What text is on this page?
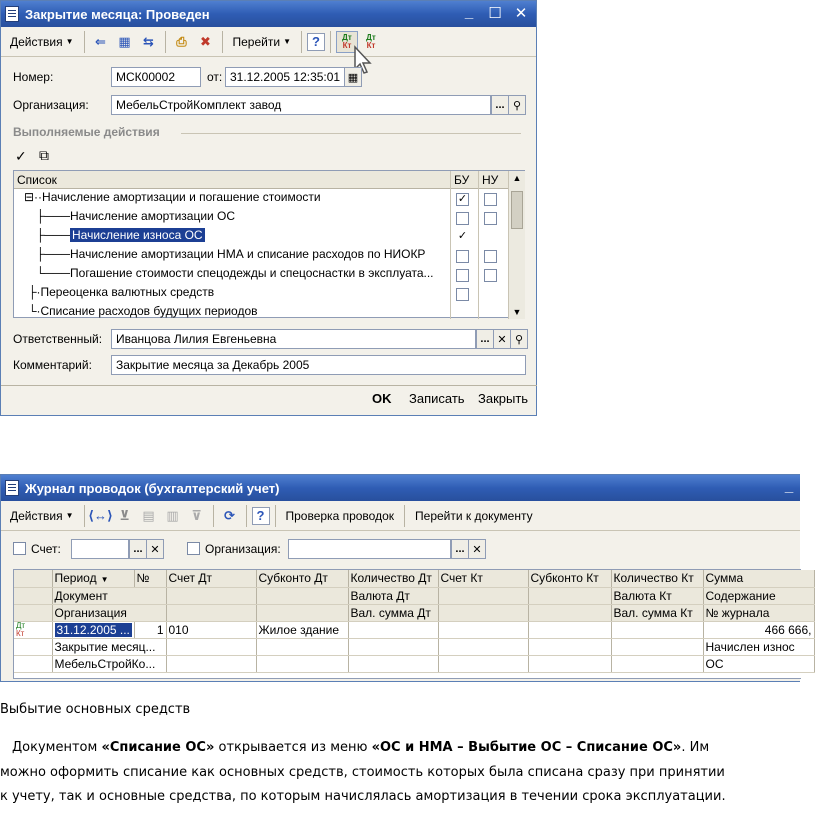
Закрытие месяца: Проведен	_	☐ ✕
Действия ▼	⇐ ▦ ⇆	⎙	✖	Перейти ▼	?	Дт

Кт
Дт

Кт
Номер:	МСК00002	от: 31.12.2005 12:35:01 ▦
Организация:	МебельСтройКомплект завод	... ⚲
Выполняемые действия
✓ ⧉
Список	БУ НУ	▲
▼
⊟··Начисление амортизации и погашение стоимости	✓
├───Начисление амортизации ОС
├─── Начисление износа ОС	✓
├───Начисление амортизации НМА и списание расходов по НИОКР
└───Погашение стоимости спецодежды и спецоснастки в эксплуата...
├·Переоценка валютных средств
└·Списание расходов будущих периодов
Ответственный:	Иванцова Лилия Евгеньевна	... ✕ ⚲
Комментарий:	Закрытие месяца за Декабрь 2005
OK Записать Закрыть
Журнал проводок (бухгалтерский учет)	_
Действия ▼ ⟨↔⟩ ⊻ ▤ ▥ ⊽	⟳	?	Проверка проводок	Перейти к документу
Счет:	... ✕	Организация:	... ✕
	Период ▼	№	Счет Дт	Субконто Дт	Количество Дт	Счет Кт	Субконто Кт	Количество Кт	Сумма
	Документ				Валюта Дт			Валюта Кт	Содержание
	Организация				Вал. сумма Дт			Вал. сумма Кт	№ журнала
Дт
Кт	31.12.2005 ...	1	010	Жилое здание					466 666,
	Закрытие месяц...								Начислен износ
	МебельСтройКо...								ОС
Выбытие основных средств
Документом «Списание ОС» открывается из меню «ОС и НМА – Выбытие ОС – Списание ОС». Им
можно оформить списание как основных средств, стоимость которых была списана сразу при принятии
к учету, так и основные средства, по которым начислялась амортизация в течении срока эксплуатации.
